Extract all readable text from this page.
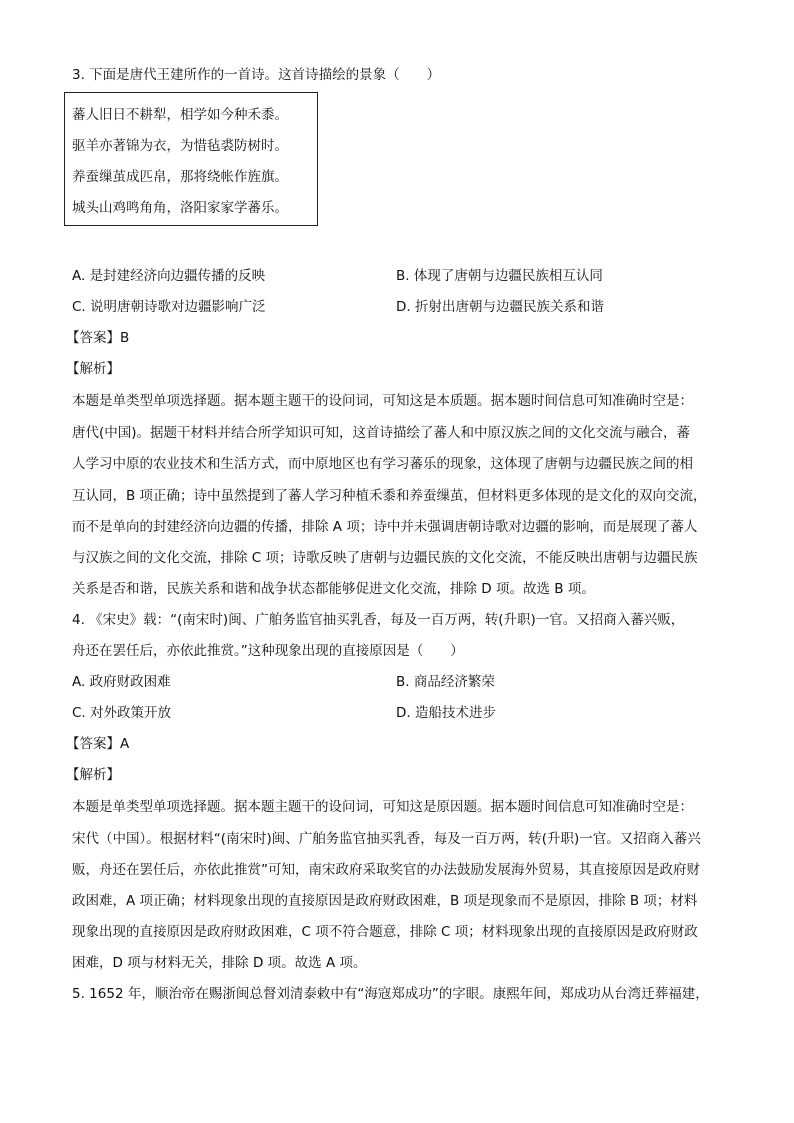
3. 下面是唐代王建所作的一首诗。这首诗描绘的景象（　　）
蕃人旧日不耕犁，相学如今种禾黍。
驱羊亦著锦为衣，为惜毡裘防树时。
养蚕缫茧成匹帛，那将绕帐作旌旗。
城头山鸡鸣角角，洛阳家家学蕃乐。
A. 是封建经济向边疆传播的反映	B. 体现了唐朝与边疆民族相互认同
C. 说明唐朝诗歌对边疆影响广泛	D. 折射出唐朝与边疆民族关系和谐
【答案】B
【解析】
本题是单类型单项选择题。据本题主题干的设问词，可知这是本质题。据本题时间信息可知准确时空是：
唐代(中国)。据题干材料并结合所学知识可知，这首诗描绘了蕃人和中原汉族之间的文化交流与融合，蕃
人学习中原的农业技术和生活方式，而中原地区也有学习蕃乐的现象，这体现了唐朝与边疆民族之间的相
互认同，B 项正确；诗中虽然提到了蕃人学习种植禾黍和养蚕缫茧，但材料更多体现的是文化的双向交流，
而不是单向的封建经济向边疆的传播，排除 A 项；诗中并未强调唐朝诗歌对边疆的影响，而是展现了蕃人
与汉族之间的文化交流，排除 C 项；诗歌反映了唐朝与边疆民族的文化交流，不能反映出唐朝与边疆民族
关系是否和谐，民族关系和谐和战争状态都能够促进文化交流，排除 D 项。故选 B 项。
4. 《宋史》载：“(南宋时)闽、广舶务监官抽买乳香，每及一百万两，转(升职)一官。又招商入蕃兴贩，
舟还在罢任后，亦依此推赏。”这种现象出现的直接原因是（　　）
A. 政府财政困难	B. 商品经济繁荣
C. 对外政策开放	D. 造船技术进步
【答案】A
【解析】
本题是单类型单项选择题。据本题主题干的设问词，可知这是原因题。据本题时间信息可知准确时空是：
宋代（中国）。根据材料“(南宋时)闽、广舶务监官抽买乳香，每及一百万两，转(升职)一官。又招商入蕃兴
贩，舟还在罢任后，亦依此推赏”可知，南宋政府采取奖官的办法鼓励发展海外贸易，其直接原因是政府财
政困难，A 项正确；材料现象出现的直接原因是政府财政困难，B 项是现象而不是原因，排除 B 项；材料
现象出现的直接原因是政府财政困难，C 项不符合题意，排除 C 项；材料现象出现的直接原因是政府财政
困难，D 项与材料无关，排除 D 项。故选 A 项。
5. 1652 年，顺治帝在赐浙闽总督刘清泰敕中有“海寇郑成功”的字眼。康熙年间，郑成功从台湾迁葬福建，
